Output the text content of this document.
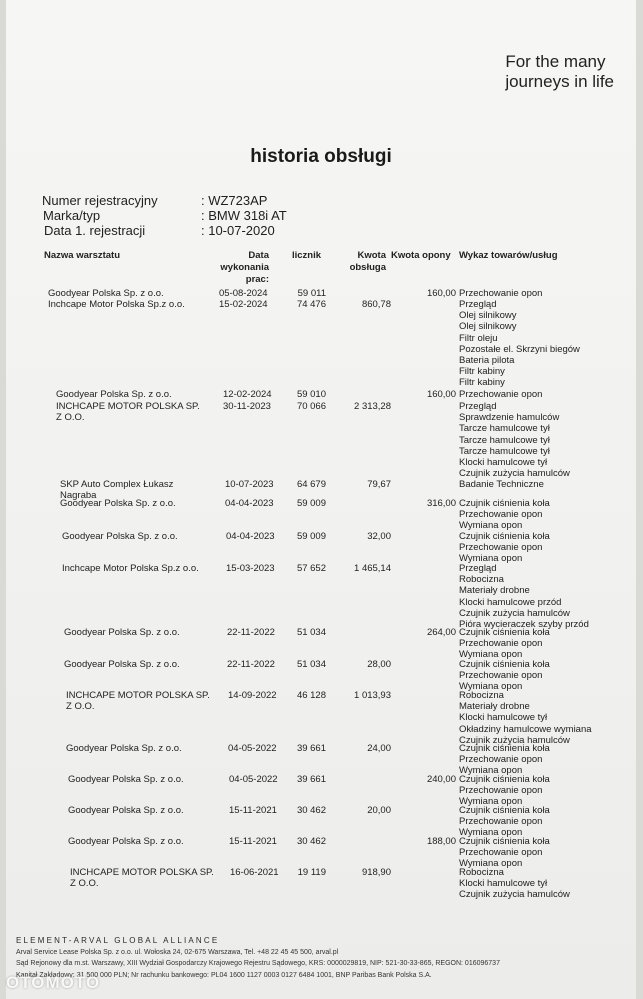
For the many
journeys in life
historia obsługi
Numer rejestracyjny	: WZ723AP
Marka/typ	: BMW 318i AT
Data 1. rejestracji	: 10-07-2020
Nazwa warsztatu	Data
wykonania
prac:
licznik	Kwota
obsługa
Kwota opony Wykaz towarów/usług
Goodyear Polska Sp. z o.o.	05-08-2024	59 011	160,00 Przechowanie opon
Inchcape Motor Polska Sp.z o.o.	15-02-2024	74 476	860,78	Przegląd
Olej silnikowy
Olej silnikowy
Filtr oleju
Pozostałe el. Skrzyni biegów
Bateria pilota
Filtr kabiny
Filtr kabiny
Goodyear Polska Sp. z o.o.	12-02-2024	59 010	160,00 Przechowanie opon
INCHCAPE MOTOR POLSKA SP.
Z O.O.
30-11-2023	70 066	2 313,28	Przegląd
Sprawdzenie hamulców
Tarcze hamulcowe tył
Tarcze hamulcowe tył
Tarcze hamulcowe tył
Klocki hamulcowe tył
Czujnik zużycia hamulców
SKP Auto Complex Łukasz
Nagraba
10-07-2023	64 679	79,67	Badanie Techniczne
Goodyear Polska Sp. z o.o.	04-04-2023	59 009	316,00 Czujnik ciśnienia koła
Przechowanie opon
Wymiana opon
Goodyear Polska Sp. z o.o.	04-04-2023	59 009	32,00	Czujnik ciśnienia koła
Przechowanie opon
Wymiana opon
Inchcape Motor Polska Sp.z o.o.	15-03-2023	57 652	1 465,14	Przegląd
Robocizna
Materiały drobne
Klocki hamulcowe przód
Czujnik zużycia hamulców
Pióra wycieraczek szyby przód
Goodyear Polska Sp. z o.o.	22-11-2022	51 034	264,00 Czujnik ciśnienia koła
Przechowanie opon
Wymiana opon
Goodyear Polska Sp. z o.o.	22-11-2022	51 034	28,00	Czujnik ciśnienia koła
Przechowanie opon
Wymiana opon
INCHCAPE MOTOR POLSKA SP.
Z O.O.
14-09-2022	46 128	1 013,93	Robocizna
Materiały drobne
Klocki hamulcowe tył
Okładziny hamulcowe wymiana
Czujnik zużycia hamulców
Goodyear Polska Sp. z o.o.	04-05-2022	39 661	24,00	Czujnik ciśnienia koła
Przechowanie opon
Wymiana opon
Goodyear Polska Sp. z o.o.	04-05-2022	39 661	240,00 Czujnik ciśnienia koła
Przechowanie opon
Wymiana opon
Goodyear Polska Sp. z o.o.	15-11-2021	30 462	20,00	Czujnik ciśnienia koła
Przechowanie opon
Wymiana opon
Goodyear Polska Sp. z o.o.	15-11-2021	30 462	188,00 Czujnik ciśnienia koła
Przechowanie opon
Wymiana opon
INCHCAPE MOTOR POLSKA SP.
Z O.O.
16-06-2021	19 119	918,90	Robocizna
Klocki hamulcowe tył
Czujnik zużycia hamulców
ELEMENT-ARVAL GLOBAL ALLIANCE
Arval Service Lease Polska Sp. z o.o. ul. Wołoska 24, 02-675 Warszawa, Tel. +48 22 45 45 500, arval.pl
Sąd Rejonowy dla m.st. Warszawy, XIII Wydział Gospodarczy Krajowego Rejestru Sądowego, KRS: 0000029819, NIP: 521-30-33-865, REGON: 016096737
Kapitał Zakładowy: 31 500 000 PLN; Nr rachunku bankowego: PL04 1600 1127 0003 0127 6484 1001, BNP Paribas Bank Polska S.A.
OTOMOTO
